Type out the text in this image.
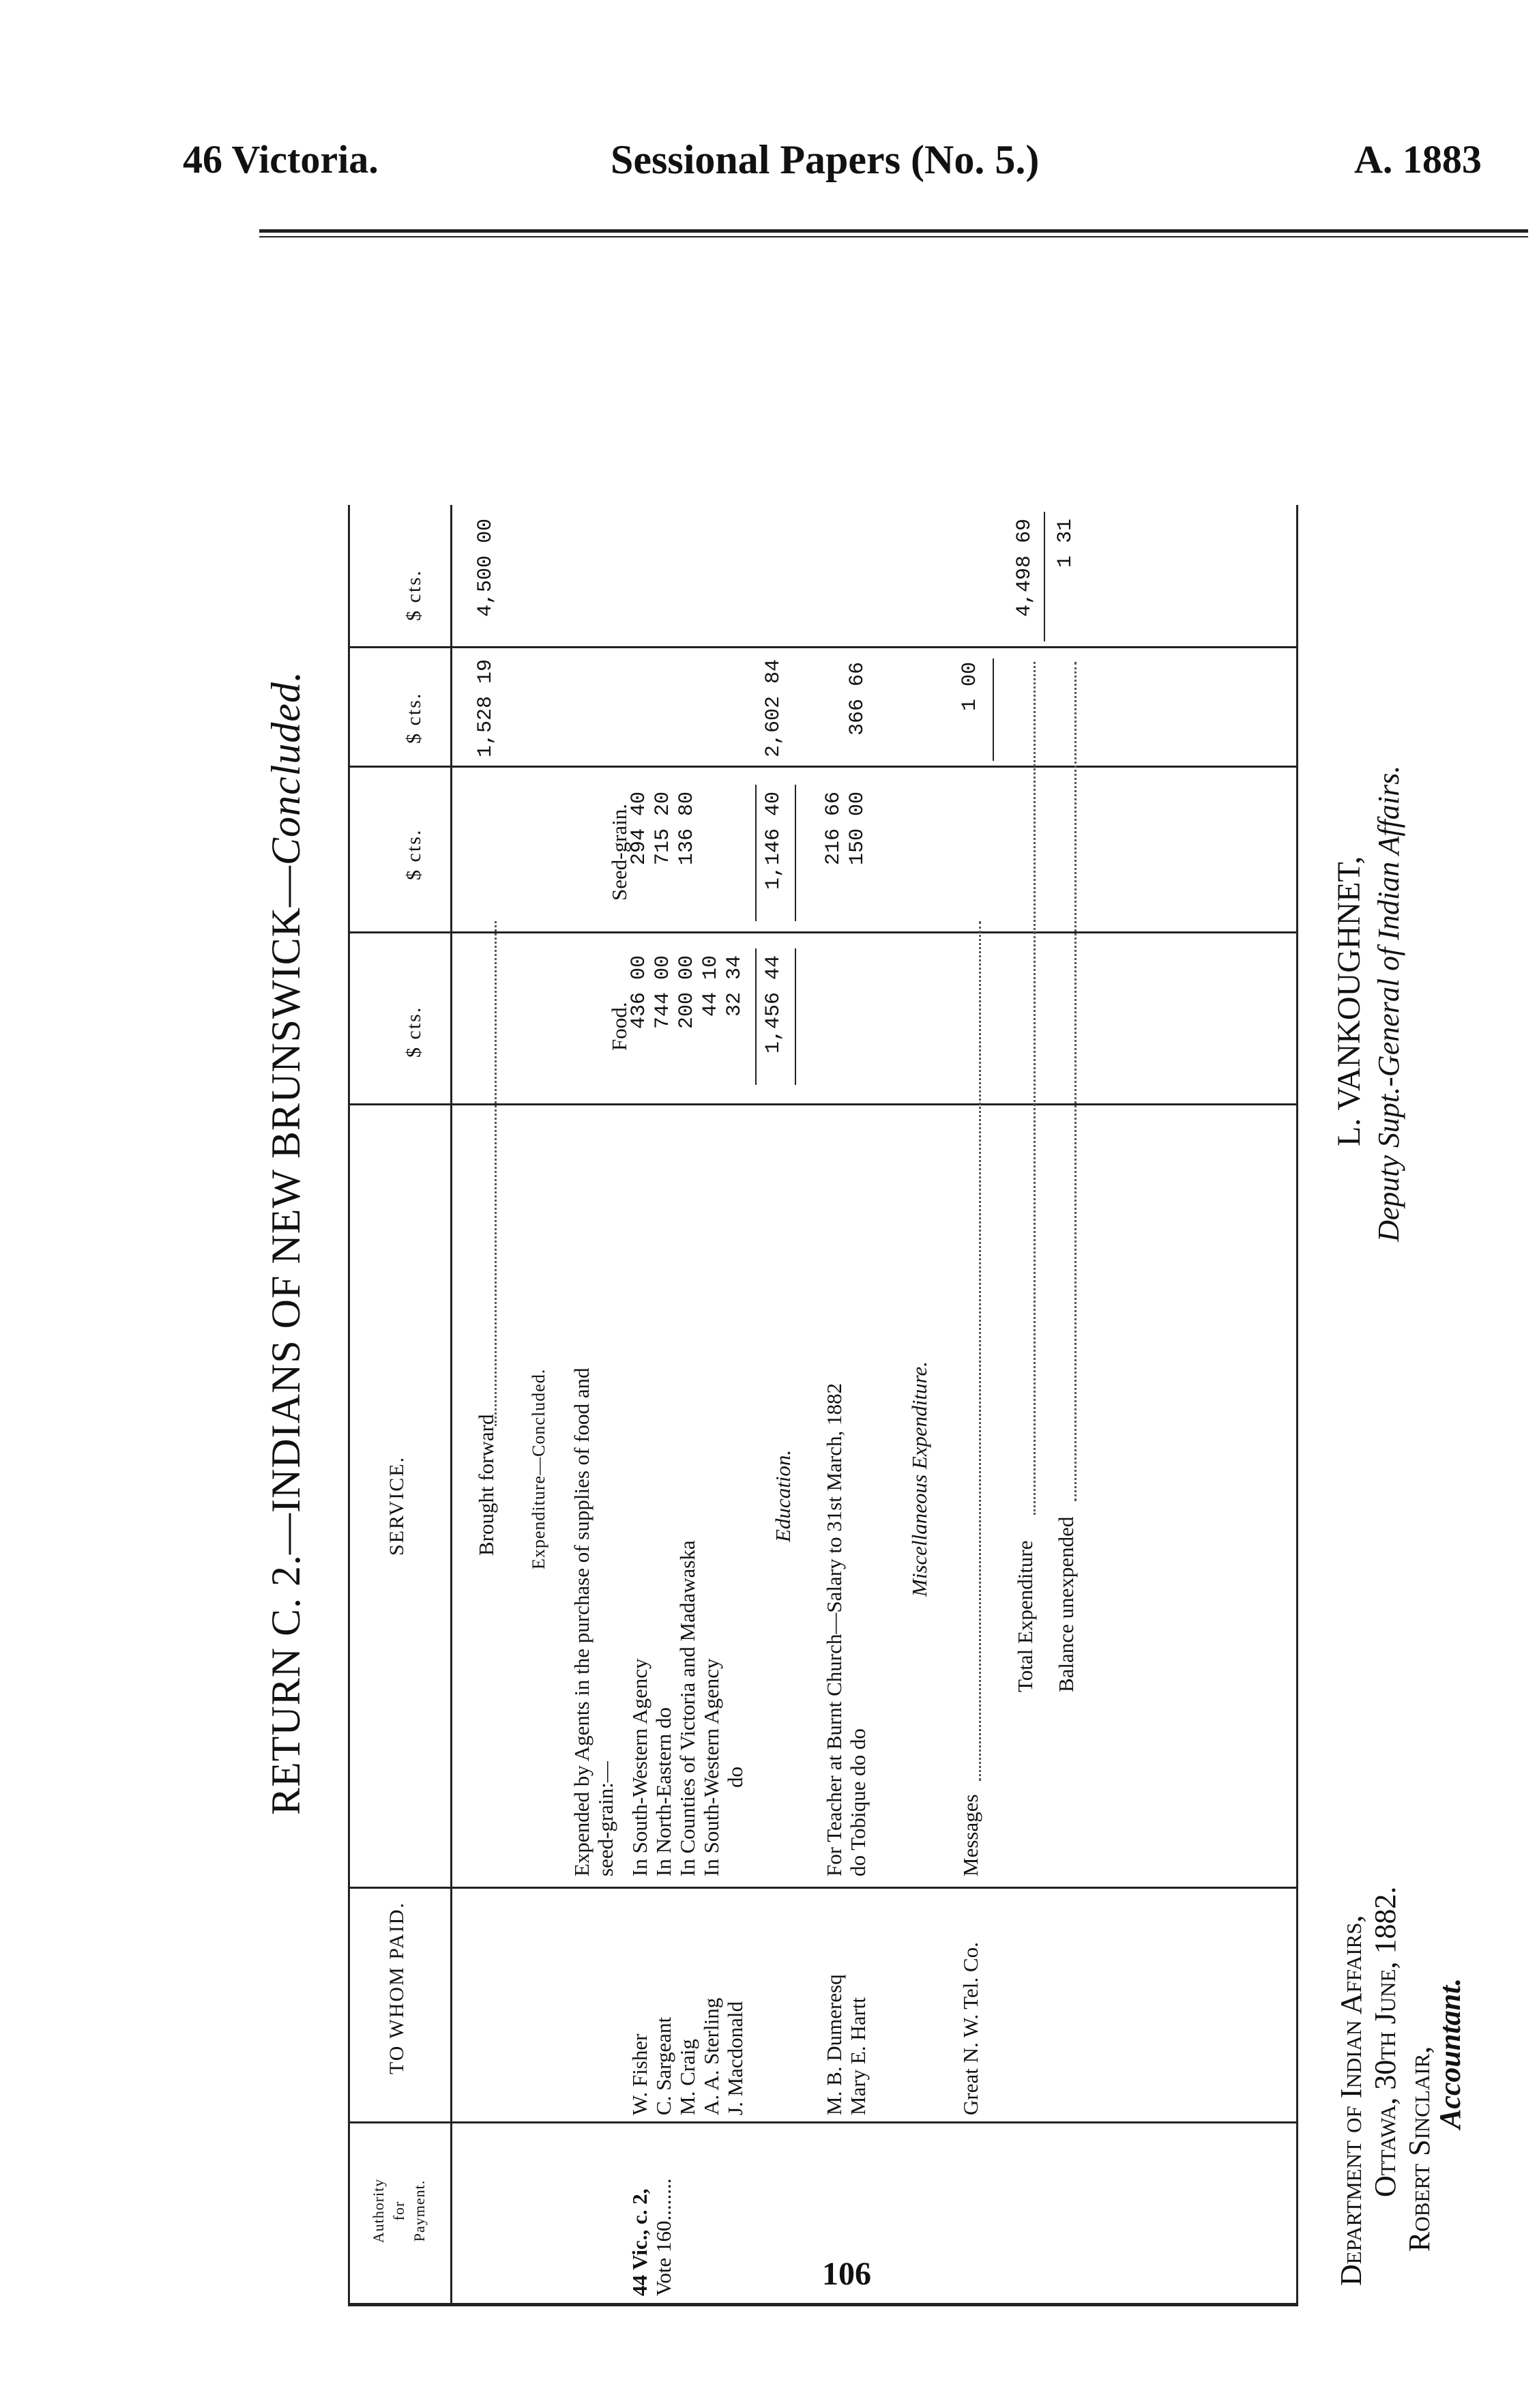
46 Victoria.	Sessional Papers (No. 5.)	A. 1883
RETURN C. 2.—INDIANS OF NEW BRUNSWICK—Concluded.
Authority for Payment.
TO WHOM PAID.
SERVICE.
$ cts.
$ cts.
$ cts.
$ cts.
Brought forward
1,528 19
4,500 00
Expenditure—Concluded. Expended by Agents in the purchase of supplies of food and seed-grain:—
44 Vic., c. 2, Vote 160........
Food.
Seed-grain.
W. Fisher
In South-Western Agency
436 00
294 40
C. Sargeant
In North-Eastern do
744 00
715 20
M. Craig
In Counties of Victoria and Madawaska
200 00
136 80
A. A. Sterling
In South-Western Agency
44 10
J. Macdonald
do
32 34 1,456 44
1,146 40
2,602 84
Education.
M. B. Dumeresq
For Teacher at Burnt Church—Salary to 31st March, 1882
216 66
Mary E. Hartt
do Tobique do do
150 00
366 66
Miscellaneous Expenditure.
Great N. W. Tel. Co.
Messages
1 00
Total Expenditure
4,498 69
Balance unexpended
1 31
L. VANKOUGHNET, Deputy Supt.-General of Indian Affairs.
Department of Indian Affairs, Ottawa, 30th June, 1882. Robert Sinclair,
Accountant.
106
